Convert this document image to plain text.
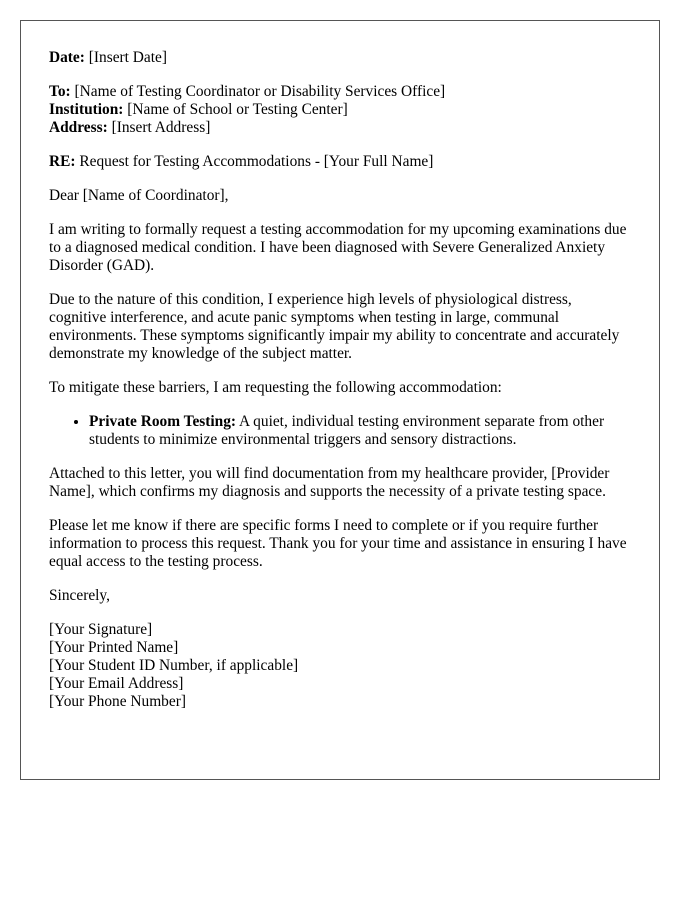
Date: [Insert Date]

To: [Name of Testing Coordinator or Disability Services Office]

Institution: [Name of School or Testing Center]

Address: [Insert Address]

RE: Request for Testing Accommodations - [Your Full Name]

Dear [Name of Coordinator],

I am writing to formally request a testing accommodation for my upcoming examinations due to a diagnosed medical condition. I have been diagnosed with Severe Generalized Anxiety Disorder (GAD).

Due to the nature of this condition, I experience high levels of physiological distress, cognitive interference, and acute panic symptoms when testing in large, communal environments. These symptoms significantly impair my ability to concentrate and accurately demonstrate my knowledge of the subject matter.

To mitigate these barriers, I am requesting the following accommodation:

• Private Room Testing: A quiet, individual testing environment separate from other students to minimize environmental triggers and sensory distractions.

Attached to this letter, you will find documentation from my healthcare provider, [Provider Name], which confirms my diagnosis and supports the necessity of a private testing space.

Please let me know if there are specific forms I need to complete or if you require further information to process this request. Thank you for your time and assistance in ensuring I have equal access to the testing process.

Sincerely,

[Your Signature]

[Your Printed Name]

[Your Student ID Number, if applicable]

[Your Email Address]

[Your Phone Number]
